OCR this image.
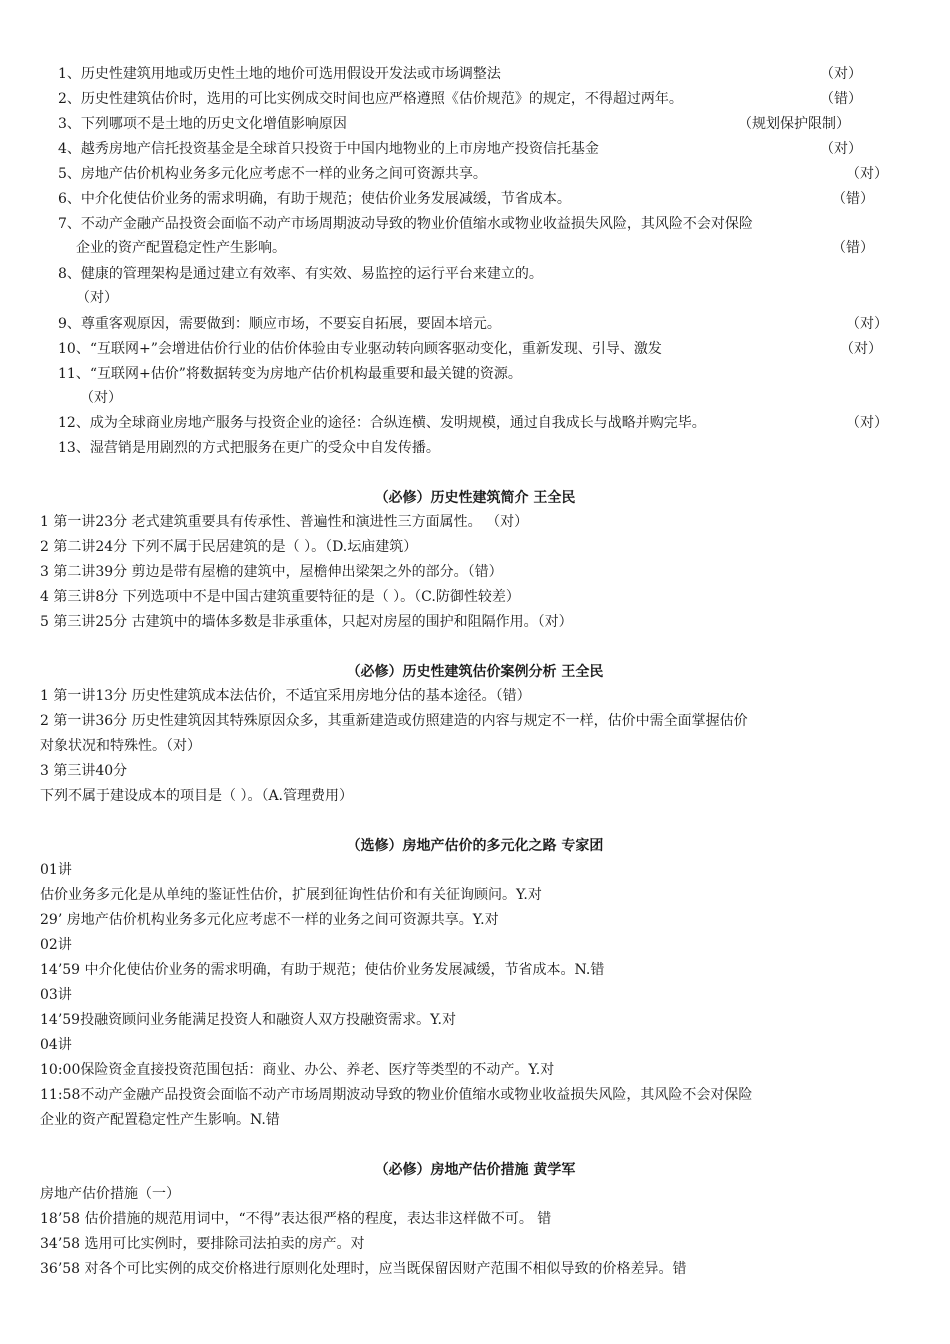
1、历史性建筑用地或历史性土地的地价可选用假设开发法或市场调整法	（对）
2、历史性建筑估价时，选用的可比实例成交时间也应严格遵照《估价规范》的规定，不得超过两年。	（错）
3、下列哪项不是土地的历史文化增值影响原因	（规划保护限制）
4、越秀房地产信托投资基金是全球首只投资于中国内地物业的上市房地产投资信托基金	（对）
5、房地产估价机构业务多元化应考虑不一样的业务之间可资源共享。	（对）
6、中介化使估价业务的需求明确，有助于规范；使估价业务发展减缓，节省成本。	（错）
7、不动产金融产品投资会面临不动产市场周期波动导致的物业价值缩水或物业收益损失风险，其风险不会对保险
企业的资产配置稳定性产生影响。	（错）
8、健康的管理架构是通过建立有效率、有实效、易监控的运行平台来建立的。
（对）
9、尊重客观原因，需要做到：顺应市场，不要妄自拓展，要固本培元。	（对）
10、“互联网+”会增进估价行业的估价体验由专业驱动转向顾客驱动变化，重新发现、引导、激发	（对）
11、“互联网+估价”将数据转变为房地产估价机构最重要和最关键的资源。
（对）
12、成为全球商业房地产服务与投资企业的途径：合纵连横、发明规模，通过自我成长与战略并购完毕。	（对）
13、湿营销是用剧烈的方式把服务在更广的受众中自发传播。
（必修）历史性建筑简介 王全民
1 第一讲23分 老式建筑重要具有传承性、普遍性和演进性三方面属性。 （对）
2 第二讲24分 下列不属于民居建筑的是（ ）。（D.坛庙建筑）
3 第二讲39分 剪边是带有屋檐的建筑中，屋檐伸出梁架之外的部分。（错）
4 第三讲8分 下列选项中不是中国古建筑重要特征的是（ ）。（C.防御性较差）
5 第三讲25分 古建筑中的墙体多数是非承重体，只起对房屋的围护和阻隔作用。（对）
（必修）历史性建筑估价案例分析 王全民
1 第一讲13分 历史性建筑成本法估价，不适宜采用房地分估的基本途径。（错）
2 第一讲36分 历史性建筑因其特殊原因众多，其重新建造或仿照建造的内容与规定不一样，估价中需全面掌握估价
对象状况和特殊性。（对）
3 第三讲40分
下列不属于建设成本的项目是（ ）。（A.管理费用）
（选修）房地产估价的多元化之路 专家团
01讲
估价业务多元化是从单纯的鉴证性估价，扩展到征询性估价和有关征询顾问。Y.对
29’ 房地产估价机构业务多元化应考虑不一样的业务之间可资源共享。Y.对
02讲
14’59 中介化使估价业务的需求明确，有助于规范；使估价业务发展减缓，节省成本。N.错
03讲
14’59投融资顾问业务能满足投资人和融资人双方投融资需求。Y.对
04讲
10:00保险资金直接投资范围包括：商业、办公、养老、医疗等类型的不动产。Y.对
11:58不动产金融产品投资会面临不动产市场周期波动导致的物业价值缩水或物业收益损失风险，其风险不会对保险
企业的资产配置稳定性产生影响。N.错
（必修）房地产估价措施 黄学军
房地产估价措施（一）
18’58 估价措施的规范用词中，“不得”表达很严格的程度，表达非这样做不可。 错
34’58 选用可比实例时，要排除司法拍卖的房产。对
36’58 对各个可比实例的成交价格进行原则化处理时，应当既保留因财产范围不相似导致的价格差异。错
